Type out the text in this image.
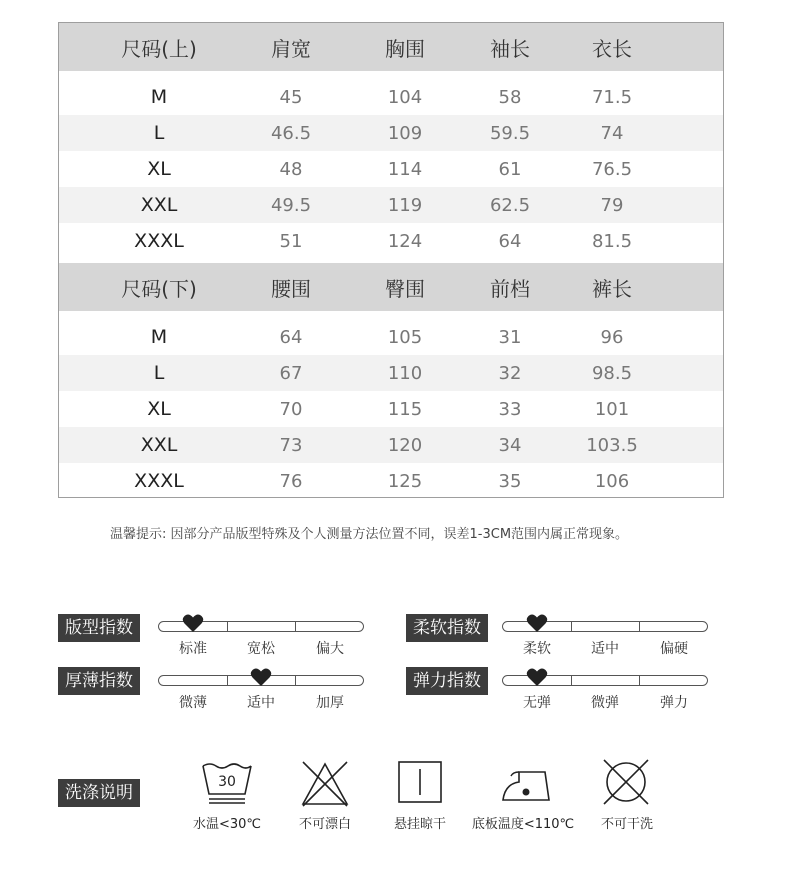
尺码(上)	肩宽	胸围	袖长	衣长
M	45	104	58	71.5
L	46.5	109	59.5	74
XL	48	114	61	76.5
XXL	49.5	119	62.5	79
XXXL	51	124	64	81.5
尺码(下)	腰围	臀围	前档	裤长
M	64	105	31	96
L	67	110	32	98.5
XL	70	115	33	101
XXL	73	120	34	103.5
XXXL	76	125	35	106
温馨提示: 因部分产品版型特殊及个人测量方法位置不同，误差1-3CM范围内属正常现象。
版型指数	柔软指数
厚薄指数	弹力指数
标准	宽松	偏大	柔软	适中	偏硬
微薄	适中	加厚	无弹	微弹	弹力
洗涤说明
30
水温<30℃	不可漂白	悬挂晾干 底板温度<110℃ 不可干洗
